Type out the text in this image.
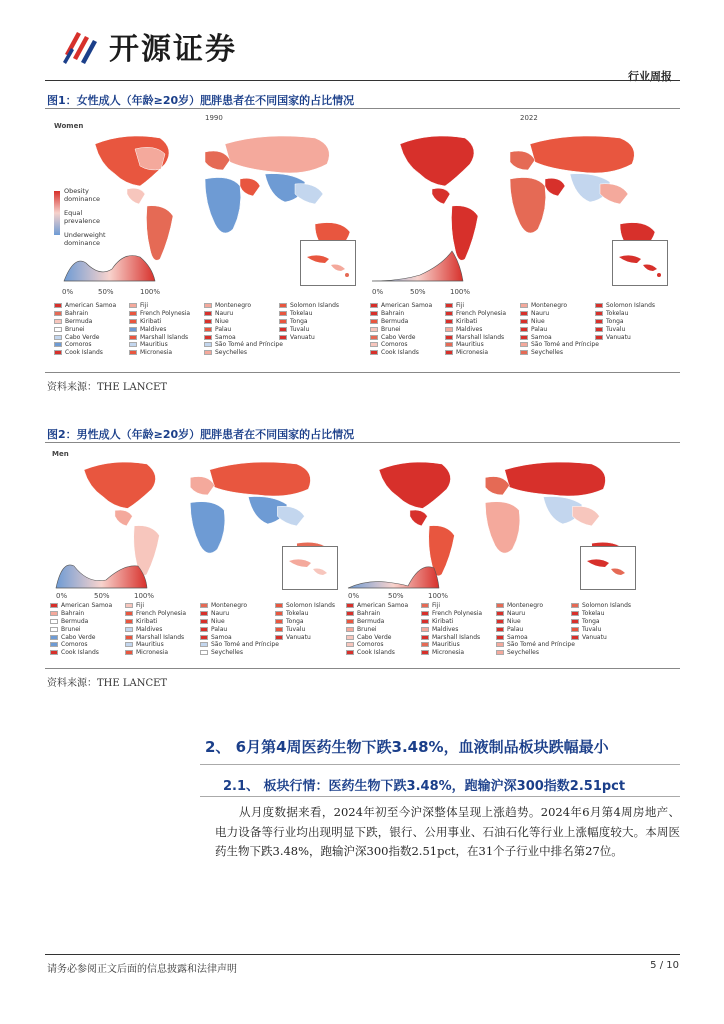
开源证券
行业周报
图1：女性成人（年龄≥20岁）肥胖患者在不同国家的占比情况
Women
1990	2022
Obesity dominance
Equal prevalence
Underweight dominance
0%	50%	100%	0%	50%	100%
American Samoa	Fiji	Montenegro	Solomon Islands
Bahrain	French Polynesia	Nauru	Tokelau
Bermuda	Kiribati	Niue	Tonga
Brunei	Maldives	Palau	Tuvalu
Cabo Verde	Marshall Islands	Samoa	Vanuatu
Comoros	Mauritius	São Tomé and Príncipe
Cook Islands	Micronesia	Seychelles
American Samoa	Fiji	Montenegro	Solomon Islands
Bahrain	French Polynesia	Nauru	Tokelau
Bermuda	Kiribati	Niue	Tonga
Brunei	Maldives	Palau	Tuvalu
Cabo Verde	Marshall Islands	Samoa	Vanuatu
Comoros	Mauritius	São Tomé and Príncipe
Cook Islands	Micronesia	Seychelles
资料来源：THE LANCET
图2：男性成人（年龄≥20岁）肥胖患者在不同国家的占比情况
Men
0%	50%	100%	0%	50%	100%
American Samoa	Fiji	Montenegro	Solomon Islands
Bahrain	French Polynesia	Nauru	Tokelau
Bermuda	Kiribati	Niue	Tonga
Brunei	Maldives	Palau	Tuvalu
Cabo Verde	Marshall Islands	Samoa	Vanuatu
Comoros	Mauritius	São Tomé and Príncipe
Cook Islands	Micronesia	Seychelles
American Samoa	Fiji	Montenegro	Solomon Islands
Bahrain	French Polynesia	Nauru	Tokelau
Bermuda	Kiribati	Niue	Tonga
Brunei	Maldives	Palau	Tuvalu
Cabo Verde	Marshall Islands	Samoa	Vanuatu
Comoros	Mauritius	São Tomé and Príncipe
Cook Islands	Micronesia	Seychelles
资料来源：THE LANCET
2、 6月第4周医药生物下跌3.48%，血液制品板块跌幅最小
2.1、 板块行情：医药生物下跌3.48%，跑输沪深300指数2.51pct
从月度数据来看，2024年初至今沪深整体呈现上涨趋势。2024年6月第4周房地产、电力设备等行业均出现明显下跌，银行、公用事业、石油石化等行业上涨幅度较大。本周医药生物下跌3.48%，跑输沪深300指数2.51pct，在31个子行业中排名第27位。
请务必参阅正文后面的信息披露和法律声明	5 / 10
